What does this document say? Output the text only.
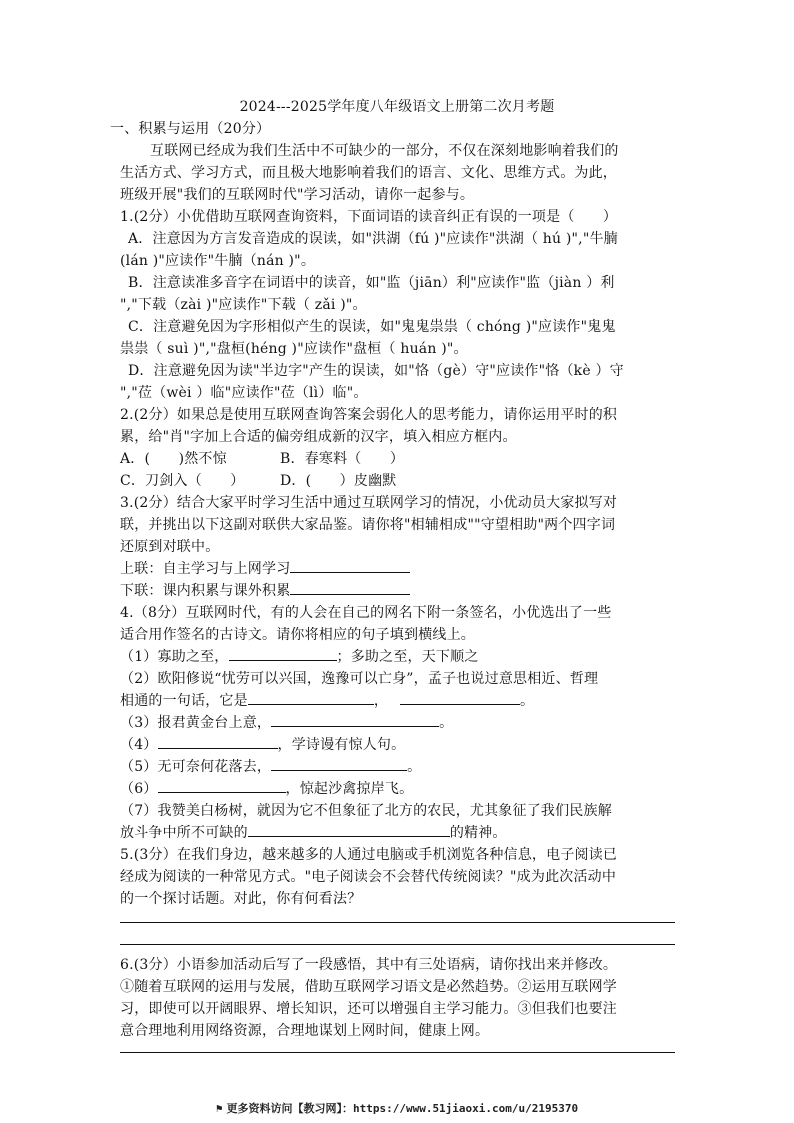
2024---2025学年度八年级语文上册第二次月考题
一、积累与运用（20分）
互联网已经成为我们生活中不可缺少的一部分，不仅在深刻地影响着我们的
生活方式、学习方式，而且极大地影响着我们的语言、文化、思维方式。为此，
班级开展"我们的互联网时代"学习活动，请你一起参与。
1.(2分）小优借助互联网查询资料，下面词语的读音纠正有误的一项是（　　）
A．注意因为方言发音造成的误读，如"洪湖（fú )"应读作"洪湖（ hú )","牛腩
(lán )"应读作"牛腩（nán )"。
B．注意读准多音字在词语中的读音，如"监（jiān）利"应读作"监（jiàn ）利
","下载（zài )"应读作"下载（ zǎi )"。
C．注意避免因为字形相似产生的误读，如"鬼鬼祟祟（ chóng )"应读作"鬼鬼
祟祟（ suì )","盘桓(héng )"应读作"盘桓（ huán )"。
D．注意避免因为读"半边字"产生的误读，如"恪（gè）守"应读作"恪（kè ）守
","莅（wèi ）临"应读作"莅（lì）临"。
2.(2分）如果总是使用互联网查询答案会弱化人的思考能力，请你运用平时的积
累，给"肖"字加上合适的偏旁组成新的汉字，填入相应方框内。
A．(　　)然不惊	B．春寒料（　　）
C．刀剑入（　　）	D．(　　）皮幽默
3.(2分）结合大家平时学习生活中通过互联网学习的情况，小优动员大家拟写对
联，并挑出以下这副对联供大家品鉴。请你将"相辅相成""守望相助"两个四字词
还原到对联中。
上联：自主学习与上网学习
下联：课内积累与课外积累
4.（8分）互联网时代，有的人会在自己的网名下附一条签名，小优选出了一些
适合用作签名的古诗文。请你将相应的句子填到横线上。
（1）寡助之至，	；多助之至，天下顺之
（2）欧阳修说“忧劳可以兴国，逸豫可以亡身”，孟子也说过意思相近、哲理
相通的一句话，它是	，	。
（3）报君黄金台上意，	。
（4）	，学诗谩有惊人句。
（5）无可奈何花落去，	。
（6）	，惊起沙禽掠岸飞。
（7）我赞美白杨树，就因为它不但象征了北方的农民，尤其象征了我们民族解
放斗争中所不可缺的	的精神。
5.(3分）在我们身边，越来越多的人通过电脑或手机浏览各种信息，电子阅读已
经成为阅读的一种常见方式。"电子阅读会不会替代传统阅读？"成为此次活动中
的一个探讨话题。对此，你有何看法？
6.(3分）小语参加活动后写了一段感悟，其中有三处语病，请你找出来并修改。
①随着互联网的运用与发展，借助互联网学习语文是必然趋势。②运用互联网学
习，即使可以开阔眼界、增长知识，还可以增强自主学习能力。③但我们也要注
意合理地利用网络资源，合理地谋划上网时间，健康上网。
⚑ 更多资料访问【教习网】：https://www.51jiaoxi.com/u/2195370
